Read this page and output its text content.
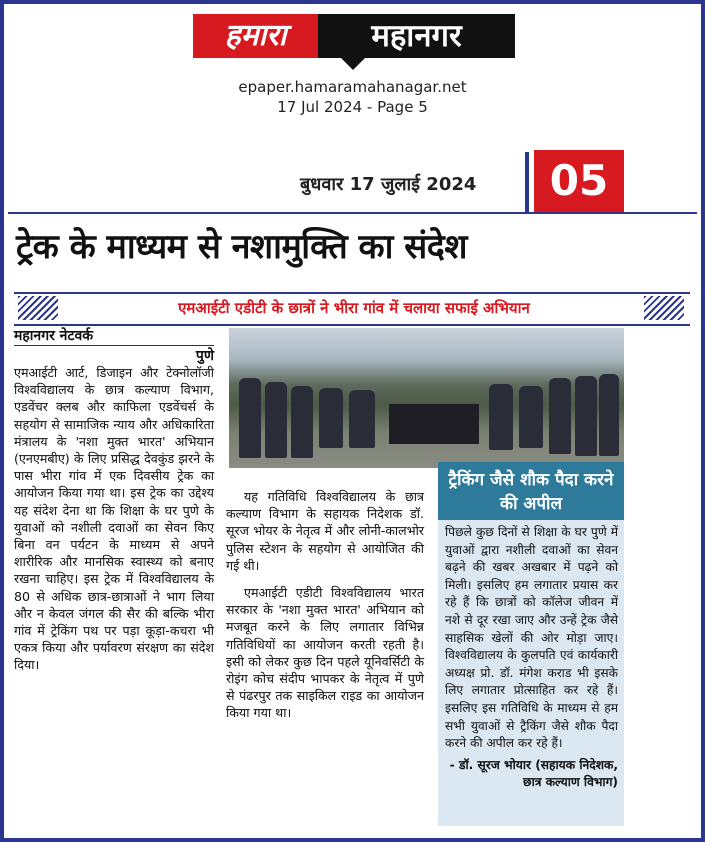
हमारा	महानगर
epaper.hamaramahanagar.net
17 Jul 2024 - Page 5
बुधवार 17 जुलाई 2024	05
ट्रेक के माध्यम से नशामुक्ति का संदेश
एमआईटी एडीटी के छात्रों ने भीरा गांव में चलाया सफाई अभियान
महानगर नेटवर्क
पुणे

एमआईटी आर्ट, डिजाइन और टेक्नोलॉजी विश्वविद्यालय के छात्र कल्याण विभाग, एडवेंचर क्लब और काफिला एडवेंचर्स के सहयोग से सामाजिक न्याय और अधिकारिता मंत्रालय के 'नशा मुक्त भारत' अभियान (एनएमबीए) के लिए प्रसिद्ध देवकुंड झरने के पास भीरा गांव में एक दिवसीय ट्रेक का आयोजन किया गया था। इस ट्रेक का उद्देश्य यह संदेश देना था कि शिक्षा के घर पुणे के युवाओं को नशीली दवाओं का सेवन किए बिना वन पर्यटन के माध्यम से अपने शारीरिक और मानसिक स्वास्थ्य को बनाए रखना चाहिए। इस ट्रेक में विश्वविद्यालय के 80 से अधिक छात्र-छात्राओं ने भाग लिया और न केवल जंगल की सैर की बल्कि भीरा गांव में ट्रेकिंग पथ पर पड़ा कूड़ा-कचरा भी एकत्र किया और पर्यावरण संरक्षण का संदेश दिया।

ट्रैकिंग जैसे शौक पैदा करने की अपील
पिछले कुछ दिनों से शिक्षा के घर पुणे में युवाओं द्वारा नशीली दवाओं का सेवन बढ़ने की खबर अखबार में पढ़ने को मिली। इसलिए हम लगातार प्रयास कर रहे हैं कि छात्रों को कॉलेज जीवन में नशे से दूर रखा जाए और उन्हें ट्रेक जैसे साहसिक खेलों की ओर मोड़ा जाए। विश्वविद्यालय के कुलपति एवं कार्यकारी अध्यक्ष प्रो. डॉ. मंगेश कराड भी इसके लिए लगातार प्रोत्साहित कर रहे हैं। इसलिए इस गतिविधि के माध्यम से हम सभी युवाओं से ट्रैकिंग जैसे शौक पैदा करने की अपील कर रहे हैं।
- डॉ. सूरज भोयार (सहायक निदेशक, छात्र कल्याण विभाग)

यह गतिविधि विश्वविद्यालय के छात्र कल्याण विभाग के सहायक निदेशक डॉ. सूरज भोयर के नेतृत्व में और लोनी-कालभोर पुलिस स्टेशन के सहयोग से आयोजित की गई थी।

एमआईटी एडीटी विश्वविद्यालय भारत सरकार के 'नशा मुक्त भारत' अभियान को मजबूत करने के लिए लगातार विभिन्न गतिविधियों का आयोजन करती रहती है। इसी को लेकर कुछ दिन पहले यूनिवर्सिटी के रोइंग कोच संदीप भापकर के नेतृत्व में पुणे से पंढरपुर तक साइकिल राइड का आयोजन किया गया था।
